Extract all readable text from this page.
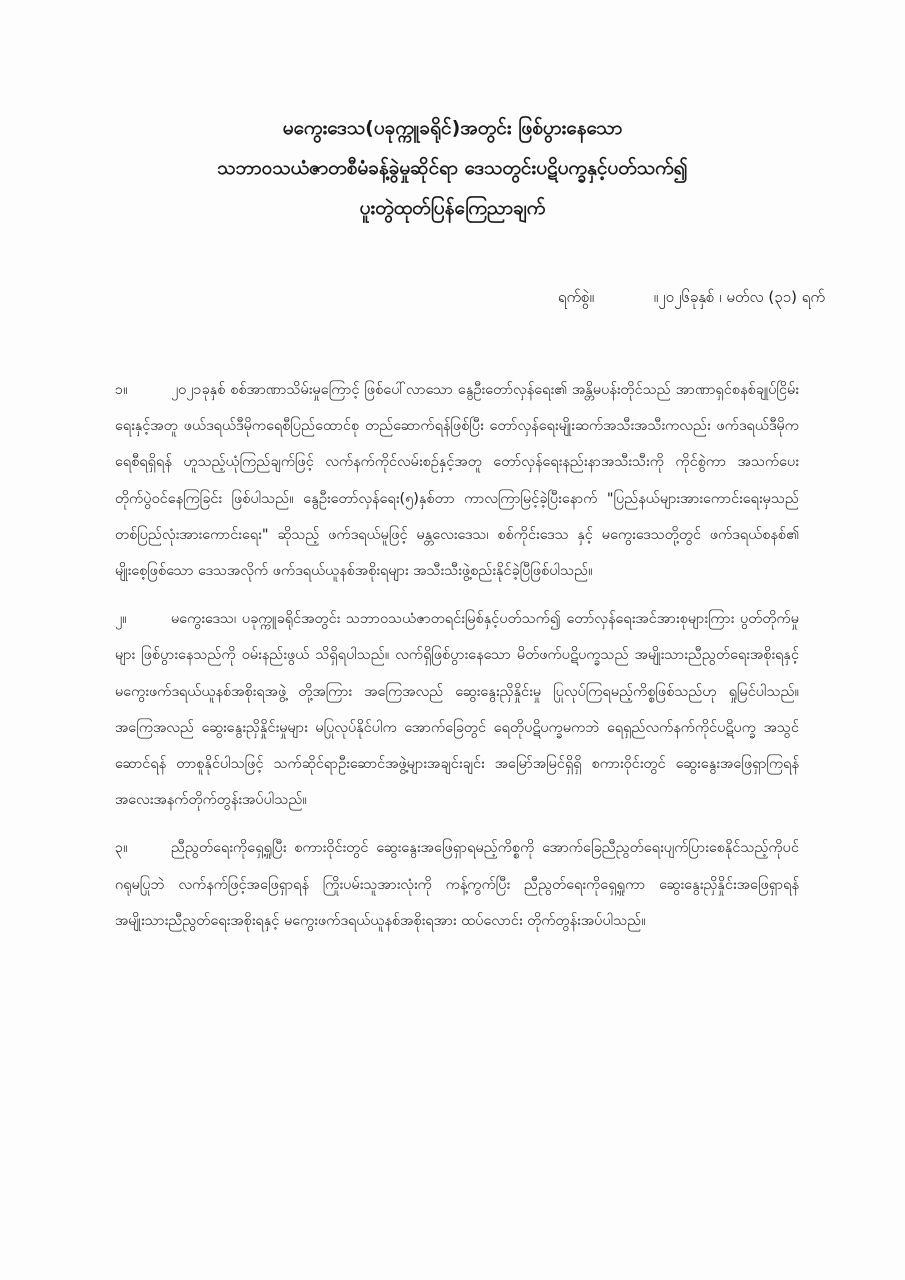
မကွေးဒေသ(ပခုက္ကူခရိုင်)အတွင်း ဖြစ်ပွားနေသော
သဘာဝသယံဇာတစီမံခန့်ခွဲမှုဆိုင်ရာ ဒေသတွင်းပဋိပက္ခနှင့်ပတ်သက်၍
ပူးတွဲထုတ်ပြန်ကြေညာချက်
ရက်စွဲ။	။၂၀၂၆ခုနှစ် ၊ မတ်လ (၃၁) ရက်

၁။	၂၀၂၁ခုနှစ် စစ်အာဏာသိမ်းမှုကြောင့် ဖြစ်ပေါ်လာသော နွေဦးတော်လှန်ရေး၏ အန္တိမပန်းတိုင်သည် အာဏာရှင်စနစ်ချုပ်ငြိမ်းရေးနှင့်အတူ ဖယ်ဒရယ်ဒီမိုကရေစီပြည်ထောင်စု တည်ဆောက်ရန်ဖြစ်ပြီး တော်လှန်ရေးမျိုးဆက်အသီးအသီးကလည်း ဖက်ဒရယ်ဒီမိုကရေစီရရှိရန် ဟူသည့်ယုံကြည်ချက်ဖြင့် လက်နက်ကိုင်လမ်းစဥ်နှင့်အတူ တော်လှန်ရေးနည်းနာအသီးသီးကို ကိုင်စွဲကာ အသက်ပေးတိုက်ပွဲဝင်နေကြခြင်း ဖြစ်ပါသည်။ နွေဦးတော်လှန်ရေး(၅)နှစ်တာ ကာလကြာမြင့်ခဲ့ပြီးနောက် "ပြည်နယ်များအားကောင်းရေးမှသည် တစ်ပြည်လုံးအားကောင်းရေး" ဆိုသည့် ဖက်ဒရယ်မူဖြင့် မန္တလေးဒေသ၊ စစ်ကိုင်းဒေသ နှင့် မကွေးဒေသတို့တွင် ဖက်ဒရယ်စနစ်၏ မျိုးစေ့ဖြစ်သော ဒေသအလိုက် ဖက်ဒရယ်ယူနစ်အစိုးရများ အသီးသီးဖွဲ့စည်းနိုင်ခဲ့ပြီဖြစ်ပါသည်။

၂။	မကွေးဒေသ၊ ပခုက္ကူခရိုင်အတွင်း သဘာဝသယံဇာတရင်းမြစ်နှင့်ပတ်သက်၍ တော်လှန်ရေးအင်အားစုများကြား ပွတ်တိုက်မှုများ ဖြစ်ပွားနေသည်ကို ဝမ်းနည်းဖွယ် သိရှိရပါသည်။ လက်ရှိဖြစ်ပွားနေသော မိတ်ဖက်ပဋိပက္ခသည် အမျိုးသားညီညွတ်ရေးအစိုးရနှင့် မကွေးဖက်ဒရယ်ယူနစ်အစိုးရအဖွဲ့ တို့အကြား အကြေအလည် ဆွေးနွေးညှိနှိုင်းမှု ပြုလုပ်ကြရမည့်ကိစ္စဖြစ်သည်ဟု ရှုမြင်ပါသည်။ အကြေအလည် ဆွေးနွေးညှိနှိုင်းမှုများ မပြုလုပ်နိုင်ပါက အောက်ခြေတွင် ရေတိုပဋိပက္ခမကဘဲ ရေရှည်လက်နက်ကိုင်ပဋိပက္ခ အသွင်ဆောင်ရန် တာစူနိုင်ပါသဖြင့် သက်ဆိုင်ရာဦးဆောင်အဖွဲ့များအချင်းချင်း အမြော်အမြင်ရှိရှိ စကားဝိုင်းတွင် ဆွေးနွေးအဖြေရှာကြရန် အလေးအနက်တိုက်တွန်းအပ်ပါသည်။

၃။	ညီညွတ်ရေးကိုရှေ့ရှုပြီး စကားဝိုင်းတွင် ဆွေးနွေးအဖြေရှာရမည့်ကိစ္စကို အောက်ခြေညီညွတ်ရေးပျက်ပြားစေနိုင်သည့်ကိုပင် ဂရုမပြုဘဲ လက်နက်ဖြင့်အဖြေရှာရန် ကြိုးပမ်းသူအားလုံးကို ကန့်ကွက်ပြီး ညီညွတ်ရေးကိုရှေ့ရှုကာ ဆွေးနွေးညှိနှိုင်းအဖြေရှာရန် အမျိုးသားညီညွတ်ရေးအစိုးရနှင့် မကွေးဖက်ဒရယ်ယူနစ်အစိုးရအား ထပ်လောင်း တိုက်တွန်းအပ်ပါသည်။
